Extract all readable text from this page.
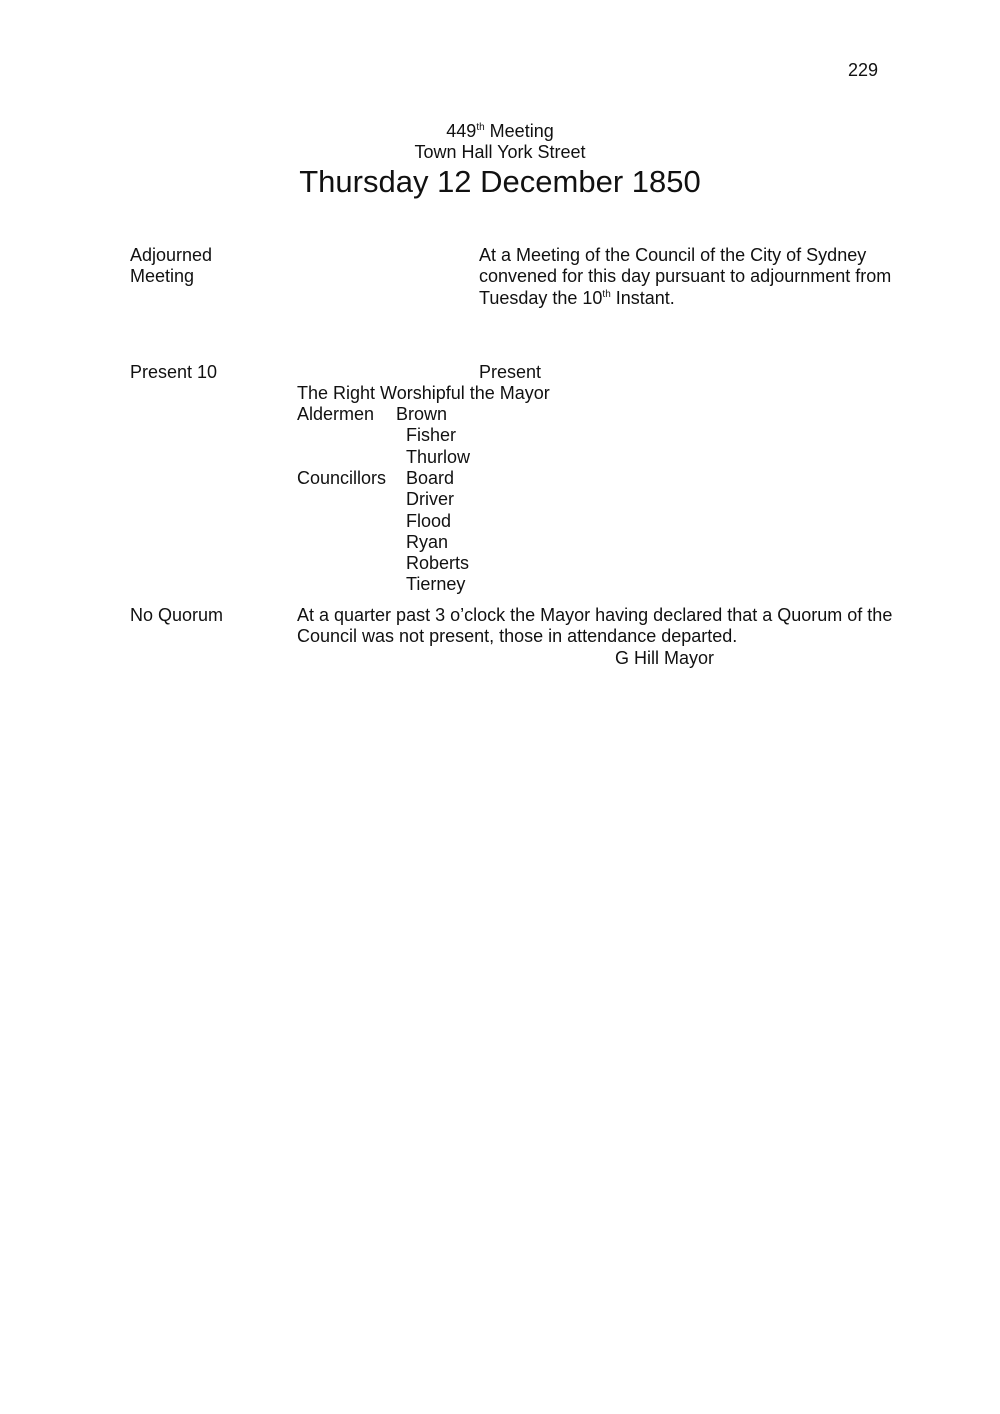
229
449th Meeting
Town Hall York Street
Thursday 12 December 1850
Adjourned
Meeting
At a Meeting of the Council of the City of Sydney
convened for this day pursuant to adjournment from
Tuesday the 10th Instant.
Present 10	Present
The Right Worshipful the Mayor
Aldermen	Brown
Fisher
Thurlow
Councillors	Board
Driver
Flood
Ryan
Roberts
Tierney
No Quorum	At a quarter past 3 o’clock the Mayor having declared that a Quorum of the
Council was not present, those in attendance departed.
G Hill Mayor
